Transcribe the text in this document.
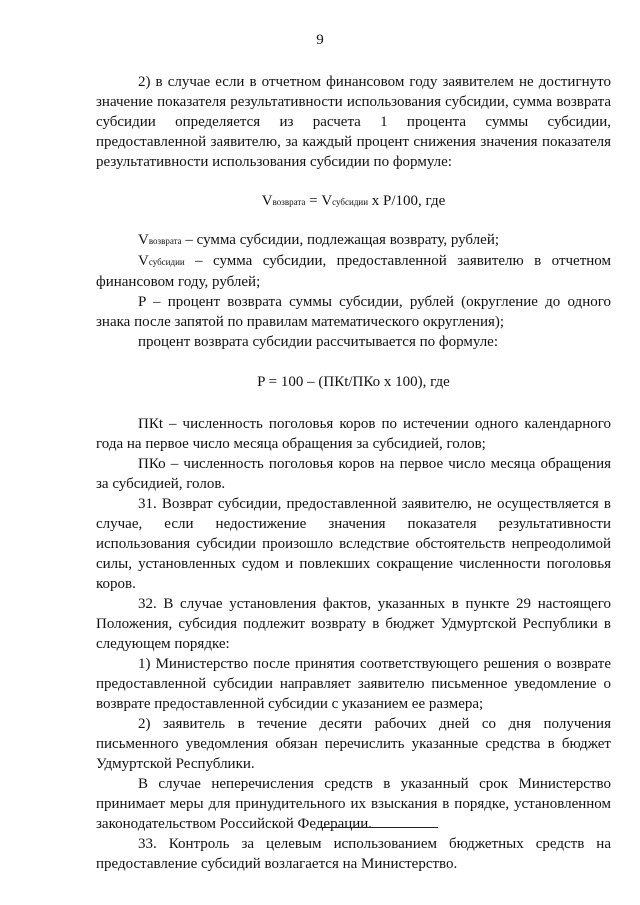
9

2) в случае если в отчетном финансовом году заявителем не достигнуто значение показателя результативности использования субсидии, сумма возврата субсидии определяется из расчета 1 процента суммы субсидии, предоставленной заявителю, за каждый процент снижения значения показателя результативности использования субсидии по формуле:

Vвозврата = Vсубсидии x P/100, где

Vвозврата – сумма субсидии, подлежащая возврату, рублей;

Vсубсидии – сумма субсидии, предоставленной заявителю в отчетном финансовом году, рублей;

P – процент возврата суммы субсидии, рублей (округление до одного знака после запятой по правилам математического округления);

процент возврата субсидии рассчитывается по формуле:

P = 100 – (ПКt/ПКо x 100), где

ПКt – численность поголовья коров по истечении одного календарного года на первое число месяца обращения за субсидией, голов;

ПКо – численность поголовья коров на первое число месяца обращения за субсидией, голов.

31. Возврат субсидии, предоставленной заявителю, не осуществляется в случае, если недостижение значения показателя результативности использования субсидии произошло вследствие обстоятельств непреодолимой силы, установленных судом и повлекших сокращение численности поголовья коров.

32. В случае установления фактов, указанных в пункте 29 настоящего Положения, субсидия подлежит возврату в бюджет Удмуртской Республики в следующем порядке:

1) Министерство после принятия соответствующего решения о возврате предоставленной субсидии направляет заявителю письменное уведомление о возврате предоставленной субсидии с указанием ее размера;

2) заявитель в течение десяти рабочих дней со дня получения письменного уведомления обязан перечислить указанные средства в бюджет Удмуртской Республики.

В случае неперечисления средств в указанный срок Министерство принимает меры для принудительного их взыскания в порядке, установленном законодательством Российской Федерации.

33. Контроль за целевым использованием бюджетных средств на предоставление субсидий возлагается на Министерство.
